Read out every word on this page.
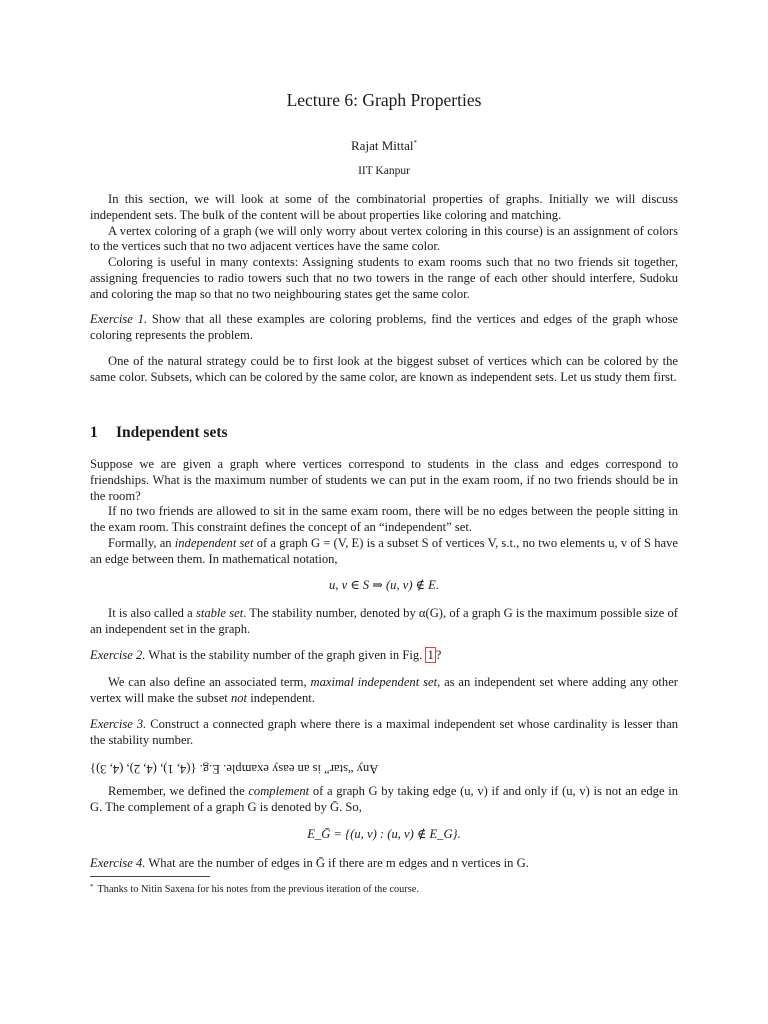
Lecture 6: Graph Properties
Rajat Mittal*
IIT Kanpur

In this section, we will look at some of the combinatorial properties of graphs. Initially we will discuss independent sets. The bulk of the content will be about properties like coloring and matching.

A vertex coloring of a graph (we will only worry about vertex coloring in this course) is an assignment of colors to the vertices such that no two adjacent vertices have the same color.

Coloring is useful in many contexts: Assigning students to exam rooms such that no two friends sit together, assigning frequencies to radio towers such that no two towers in the range of each other should interfere, Sudoku and coloring the map so that no two neighbouring states get the same color.

Exercise 1. Show that all these examples are coloring problems, find the vertices and edges of the graph whose coloring represents the problem.

One of the natural strategy could be to first look at the biggest subset of vertices which can be colored by the same color. Subsets, which can be colored by the same color, are known as independent sets. Let us study them first.

1 Independent sets

Suppose we are given a graph where vertices correspond to students in the class and edges correspond to friendships. What is the maximum number of students we can put in the exam room, if no two friends should be in the room?

If no two friends are allowed to sit in the same exam room, there will be no edges between the people sitting in the exam room. This constraint defines the concept of an “independent” set.

Formally, an independent set of a graph G = (V, E) is a subset S of vertices V, s.t., no two elements u, v of S have an edge between them. In mathematical notation,

u, v ∈ S ⇒ (u, v) ∉ E.

It is also called a stable set. The stability number, denoted by α(G), of a graph G is the maximum possible size of an independent set in the graph.

Exercise 2. What is the stability number of the graph given in Fig. 1 ?

We can also define an associated term, maximal independent set, as an independent set where adding any other vertex will make the subset not independent.

Exercise 3. Construct a connected graph where there is a maximal independent set whose cardinality is lesser than the stability number.

Any “star” is an easy example. E.g. {(4, 1), (4, 2), (4, 3)}

Remember, we defined the complement of a graph G by taking edge (u, v) if and only if (u, v) is not an edge in G. The complement of a graph G is denoted by Ḡ. So,

E_Ḡ = {(u, v) : (u, v) ∉ E_G}.

Exercise 4. What are the number of edges in Ḡ if there are m edges and n vertices in G.

* Thanks to Nitin Saxena for his notes from the previous iteration of the course.
